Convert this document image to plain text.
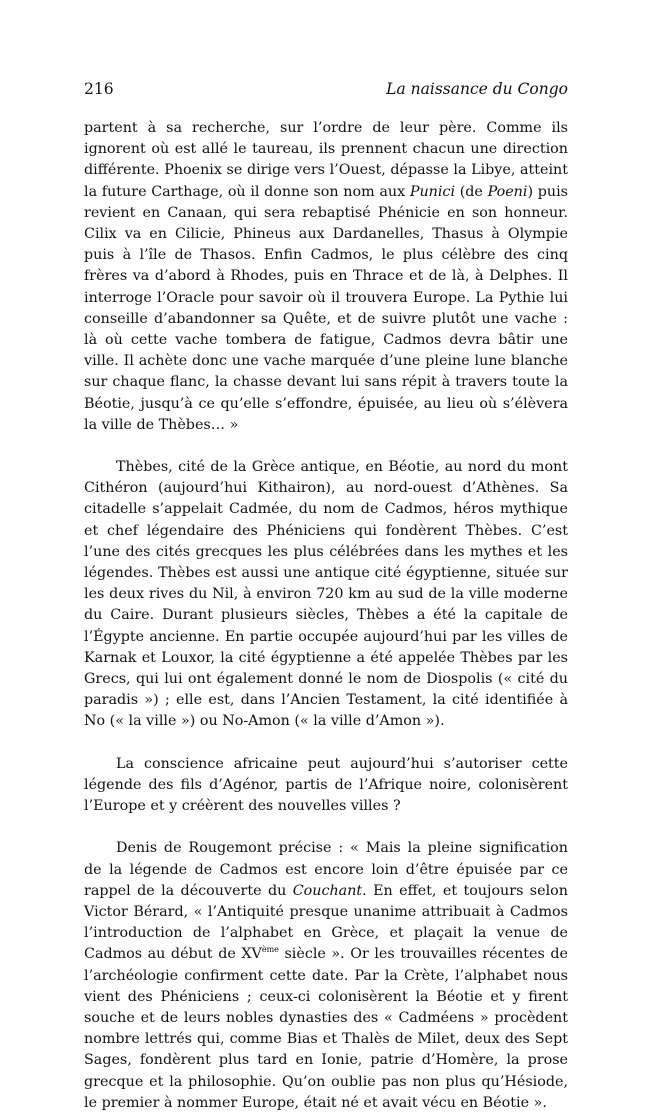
216	La naissance du Congo

partent à sa recherche, sur l’ordre de leur père. Comme ils ignorent où est allé le taureau, ils prennent chacun une direction différente. Phoenix se dirige vers l’Ouest, dépasse la Libye, atteint la future Carthage, où il donne son nom aux Punici (de Poeni) puis revient en Canaan, qui sera rebaptisé Phénicie en son honneur. Cilix va en Cilicie, Phineus aux Dardanelles, Thasus à Olympie puis à l’île de Thasos. Enfin Cadmos, le plus célèbre des cinq frères va d’abord à Rhodes, puis en Thrace et de là, à Delphes. Il interroge l’Oracle pour savoir où il trouvera Europe. La Pythie lui conseille d’abandonner sa Quête, et de suivre plutôt une vache : là où cette vache tombera de fatigue, Cadmos devra bâtir une ville. Il achète donc une vache marquée d’une pleine lune blanche sur chaque flanc, la chasse devant lui sans répit à travers toute la Béotie, jusqu’à ce qu’elle s’effondre, épuisée, au lieu où s’élèvera la ville de Thèbes… »

Thèbes, cité de la Grèce antique, en Béotie, au nord du mont Cithéron (aujourd’hui Kithairon), au nord-ouest d’Athènes. Sa citadelle s’appelait Cadmée, du nom de Cadmos, héros mythique et chef légendaire des Phéniciens qui fondèrent Thèbes. C’est l’une des cités grecques les plus célébrées dans les mythes et les légendes. Thèbes est aussi une antique cité égyptienne, située sur les deux rives du Nil, à environ 720 km au sud de la ville moderne du Caire. Durant plusieurs siècles, Thèbes a été la capitale de l’Égypte ancienne. En partie occupée aujourd’hui par les villes de Karnak et Louxor, la cité égyptienne a été appelée Thèbes par les Grecs, qui lui ont également donné le nom de Diospolis (« cité du paradis ») ; elle est, dans l’Ancien Testament, la cité identifiée à No (« la ville ») ou No-Amon (« la ville d’Amon »).

La conscience africaine peut aujourd’hui s’autoriser cette légende des fils d’Agénor, partis de l’Afrique noire, colonisèrent l’Europe et y créèrent des nouvelles villes ?

Denis de Rougemont précise : « Mais la pleine signification de la légende de Cadmos est encore loin d’être épuisée par ce rappel de la découverte du Couchant. En effet, et toujours selon Victor Bérard, « l’Antiquité presque unanime attribuait à Cadmos l’introduction de l’alphabet en Grèce, et plaçait la venue de Cadmos au début de XVème siècle ». Or les trouvailles récentes de l’archéologie confirment cette date. Par la Crète, l’alphabet nous vient des Phéniciens ; ceux-ci colonisèrent la Béotie et y firent souche et de leurs nobles dynasties des « Cadméens » procèdent nombre lettrés qui, comme Bias et Thalès de Milet, deux des Sept Sages, fondèrent plus tard en Ionie, patrie d’Homère, la prose grecque et la philosophie. Qu’on oublie pas non plus qu’Hésiode, le premier à nommer Europe, était né et avait vécu en Béotie ».
